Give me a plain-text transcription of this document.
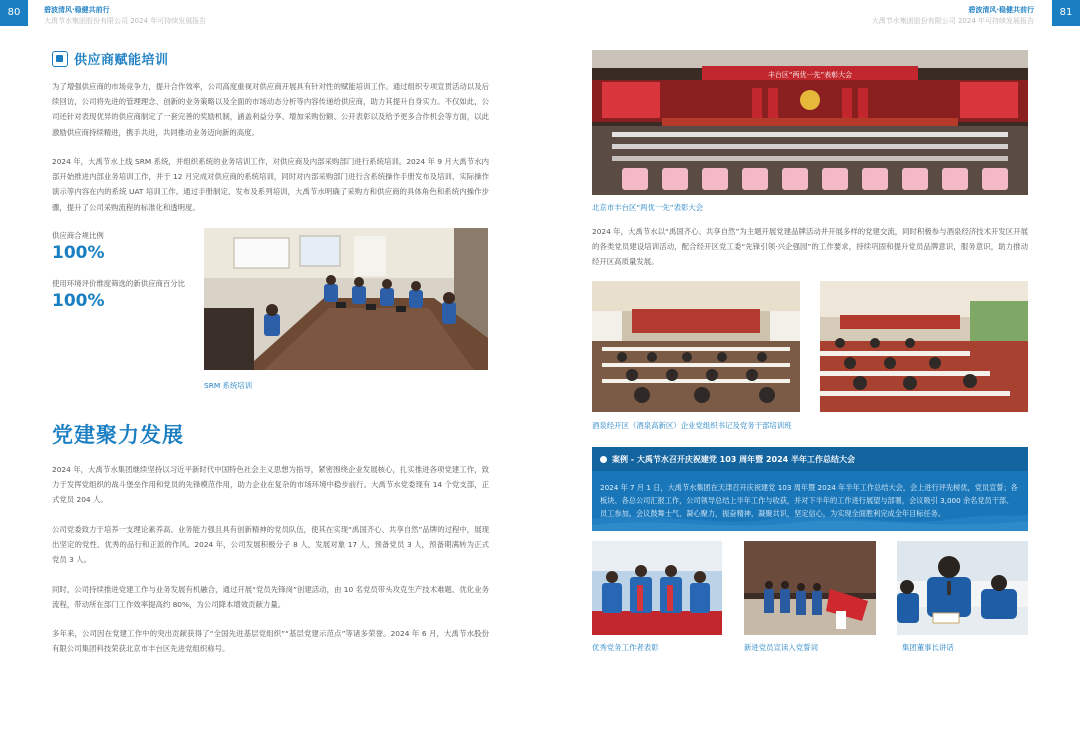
80	碧波清风·稳健共前行
大禹节水集团股份有限公司 2024 年可持续发展报告
碧波清风·稳健共前行
大禹节水集团股份有限公司 2024 年可持续发展报告
81
供应商赋能培训
为了增强供应商的市场竞争力，提升合作效率，公司高度重视对供应商开展具有针对性的赋能培训工作。通过组织专项宣贯活动以及后续回访，公司将先进的管理理念、创新的业务策略以及全面的市场动态分析等内容传递给供应商，助力其提升自身实力。不仅如此，公司还针对表现优异的供应商制定了一套完善的奖励机制，涵盖利益分享、增加采购份额、公开表彰以及给予更多合作机会等方面，以此激励供应商持续精进，携手共进，共同推动业务迈向新的高度。
2024 年，大禹节水上线 SRM 系统，并组织系统的业务培训工作，对供应商及内部采购部门进行系统培训。2024 年 9 月大禹节水内部开始推进内部业务培训工作，并于 12 月完成对供应商的系统培训，同时对内部采购部门进行含系统操作手册发布及培训、实际操作演示等内容在内的系统 UAT 培训工作。通过手册制定、发布及系列培训，大禹节水明确了采购方和供应商的具体角色和系统内操作步骤，提升了公司采购流程的标准化和透明度。
供应商合规比例
100%
使用环境评价维度筛选的新供应商百分比
100%
SRM 系统培训
党建聚力发展
2024 年，大禹节水集团继续坚持以习近平新时代中国特色社会主义思想为指导，紧密围绕企业发展核心，扎实推进各项党建工作，致力于发挥党组织的战斗堡垒作用和党员的先锋模范作用，助力企业在复杂的市场环境中稳步前行。大禹节水党委现有 14 个党支部，正式党员 204 人。
公司党委致力于培养一支理论素养高、业务能力强且具有创新精神的党员队伍，使其在实现“禹国齐心、共享自然”品牌的过程中，展现出坚定的党性、优秀的品行和正派的作风。2024 年，公司发展积极分子 8 人，发展对象 17 人，预备党员 3 人，预备期满转为正式党员 3 人。
同时，公司持续推进党建工作与业务发展有机融合，通过开展“党员先锋岗”创建活动，由 10 名党员带头攻克生产技术难题、优化业务流程，带动所在部门工作效率提高约 80%，为公司降本增效贡献力量。
多年来，公司因在党建工作中的突出贡献获得了“全国先进基层党组织”“基层党建示范点”等诸多荣誉。2024 年 6 月，大禹节水股份有限公司集团科技荣获北京市丰台区先进党组织称号。
丰台区“两优一先”表彰大会
北京市丰台区“两优一先”表彰大会
2024 年，大禹节水以“禹国齐心、共享自然”为主题开展党建品牌活动并开展多样的党建交流，同时积极参与酒泉经济技术开发区开展的各类党员建设培训活动，配合经开区党工委“先锋引领·兴企强园”的工作要求，持续巩固和提升党员品牌意识，服务意识，助力推动经开区高质量发展。
酒泉经开区（酒泉高新区）企业党组织书记及党务干部培训班
案例 - 大禹节水召开庆祝建党 103 周年暨 2024 半年工作总结大会
2024 年 7 月 1 日，大禹节水集团在天津召开庆祝建党 103 周年暨 2024 年半年工作总结大会，会上进行评先树优，党员宣誓；各板块、各总公司汇报工作，公司领导总结上半年工作与收获，并对下半年的工作进行展望与部署，会议吸引 3,000 余名党员干部、员工参加。会议鼓舞士气、凝心聚力，振奋精神，凝聚共识，坚定信心，为实现全面胜利完成全年目标任务。
优秀党务工作者表彰	新进党员宣读入党誓词	集团董事长讲话
